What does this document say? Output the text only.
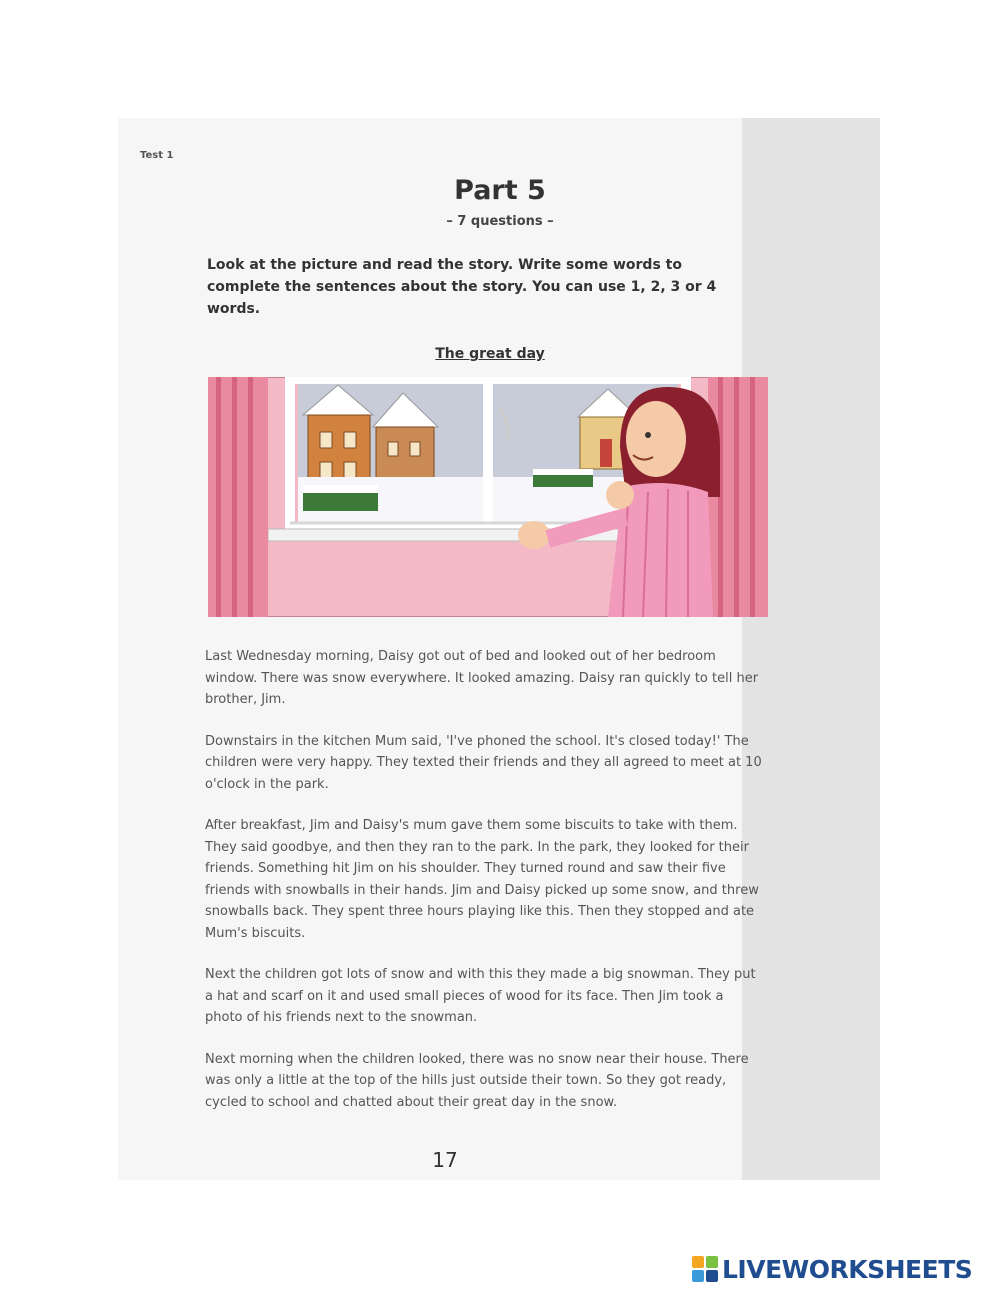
Test 1
Part 5
– 7 questions –
Look at the picture and read the story. Write some words to complete the sentences about the story. You can use 1, 2, 3 or 4 words.
The great day

Last Wednesday morning, Daisy got out of bed and looked out of her bedroom window. There was snow everywhere. It looked amazing. Daisy ran quickly to tell her brother, Jim.

Downstairs in the kitchen Mum said, 'I've phoned the school. It's closed today!' The children were very happy. They texted their friends and they all agreed to meet at 10 o'clock in the park.

After breakfast, Jim and Daisy's mum gave them some biscuits to take with them. They said goodbye, and then they ran to the park. In the park, they looked for their friends. Something hit Jim on his shoulder. They turned round and saw their five friends with snowballs in their hands. Jim and Daisy picked up some snow, and threw snowballs back. They spent three hours playing like this. Then they stopped and ate Mum's biscuits.

Next the children got lots of snow and with this they made a big snowman. They put a hat and scarf on it and used small pieces of wood for its face. Then Jim took a photo of his friends next to the snowman.

Next morning when the children looked, there was no snow near their house. There was only a little at the top of the hills just outside their town. So they got ready, cycled to school and chatted about their great day in the snow.

17
LIVEWORKSHEETS
